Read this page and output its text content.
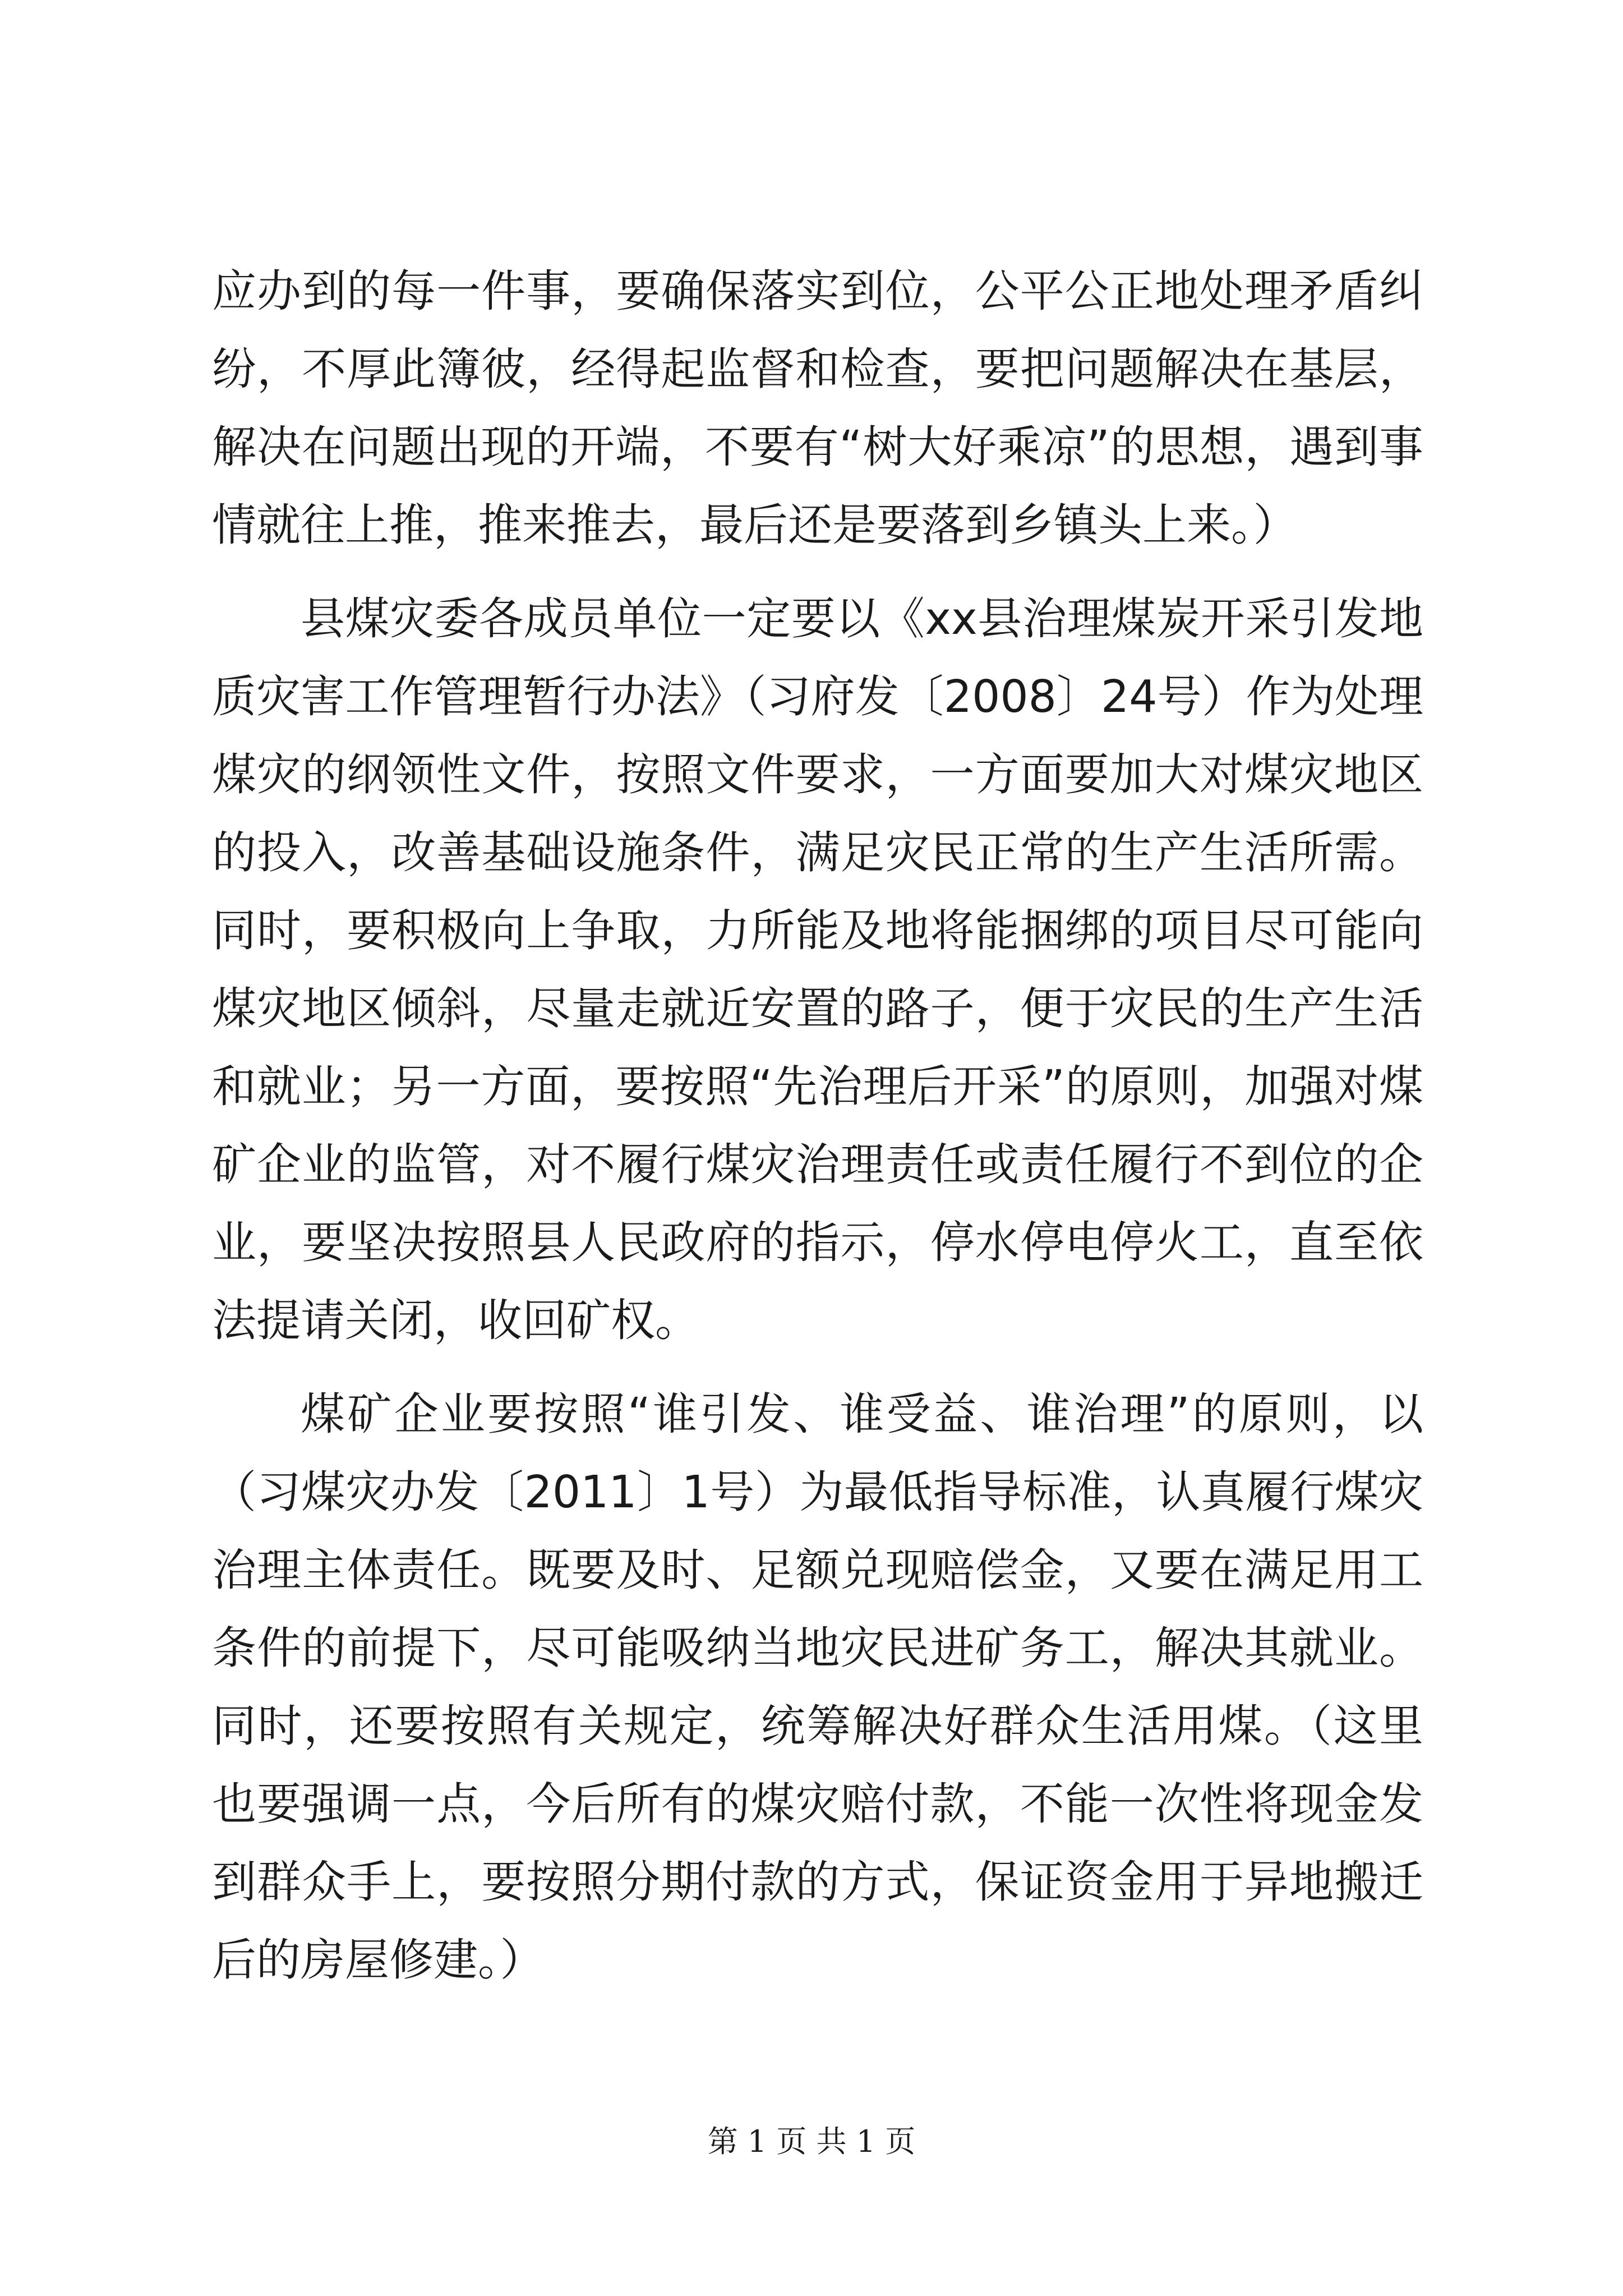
应办到的每一件事，要确保落实到位，公平公正地处理矛盾纠纷，不厚此簿彼，经得起监督和检查，要把问题解决在基层，解决在问题出现的开端，不要有“树大好乘凉”的思想，遇到事情就往上推，推来推去，最后还是要落到乡镇头上来。）

县煤灾委各成员单位一定要以《xx县治理煤炭开采引发地质灾害工作管理暂行办法》（习府发〔2008〕24号）作为处理煤灾的纲领性文件，按照文件要求，一方面要加大对煤灾地区的投入，改善基础设施条件，满足灾民正常的生产生活所需。同时，要积极向上争取，力所能及地将能捆绑的项目尽可能向煤灾地区倾斜，尽量走就近安置的路子，便于灾民的生产生活和就业；另一方面，要按照“先治理后开采”的原则，加强对煤矿企业的监管，对不履行煤灾治理责任或责任履行不到位的企业，要坚决按照县人民政府的指示，停水停电停火工，直至依法提请关闭，收回矿权。

煤矿企业要按照“谁引发、谁受益、谁治理”的原则，以（习煤灾办发〔2011〕1号）为最低指导标准，认真履行煤灾治理主体责任。既要及时、足额兑现赔偿金，又要在满足用工条件的前提下，尽可能吸纳当地灾民进矿务工，解决其就业。同时，还要按照有关规定，统筹解决好群众生活用煤。（这里也要强调一点，今后所有的煤灾赔付款，不能一次性将现金发到群众手上，要按照分期付款的方式，保证资金用于异地搬迁后的房屋修建。）

第 1 页 共 1 页
